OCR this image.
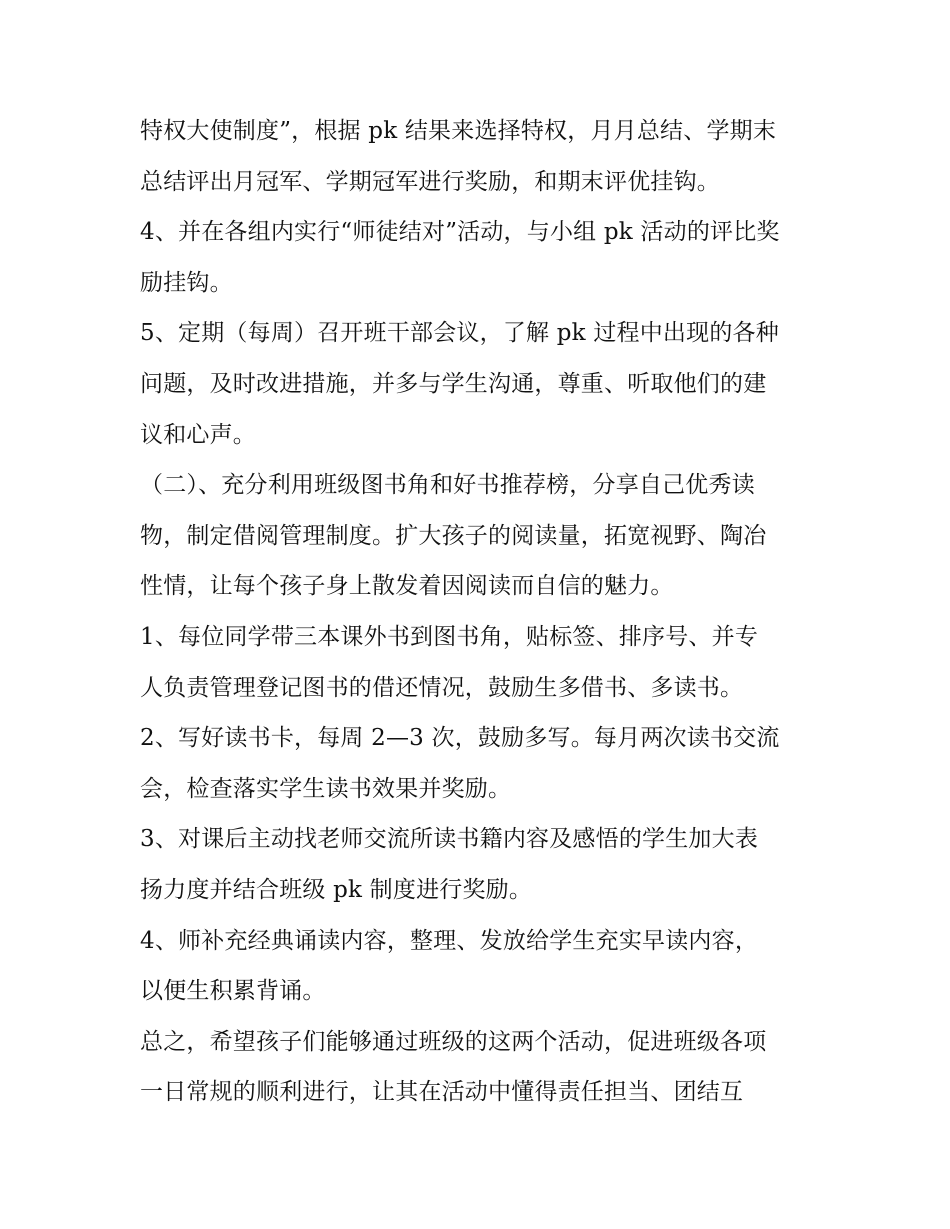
特权大使制度”，根据 pk 结果来选择特权，月月总结、学期末
总结评出月冠军、学期冠军进行奖励，和期末评优挂钩。
4、并在各组内实行“师徒结对”活动，与小组 pk 活动的评比奖
励挂钩。
5、定期（每周）召开班干部会议，了解 pk 过程中出现的各种
问题，及时改进措施，并多与学生沟通，尊重、听取他们的建
议和心声。
（二）、充分利用班级图书角和好书推荐榜，分享自己优秀读
物，制定借阅管理制度。扩大孩子的阅读量，拓宽视野、陶冶
性情，让每个孩子身上散发着因阅读而自信的魅力。
1、每位同学带三本课外书到图书角，贴标签、排序号、并专
人负责管理登记图书的借还情况，鼓励生多借书、多读书。
2、写好读书卡，每周 2—3 次，鼓励多写。每月两次读书交流
会，检查落实学生读书效果并奖励。
3、对课后主动找老师交流所读书籍内容及感悟的学生加大表
扬力度并结合班级 pk 制度进行奖励。
4、师补充经典诵读内容，整理、发放给学生充实早读内容，
以便生积累背诵。
总之，希望孩子们能够通过班级的这两个活动，促进班级各项
一日常规的顺利进行，让其在活动中懂得责任担当、团结互
